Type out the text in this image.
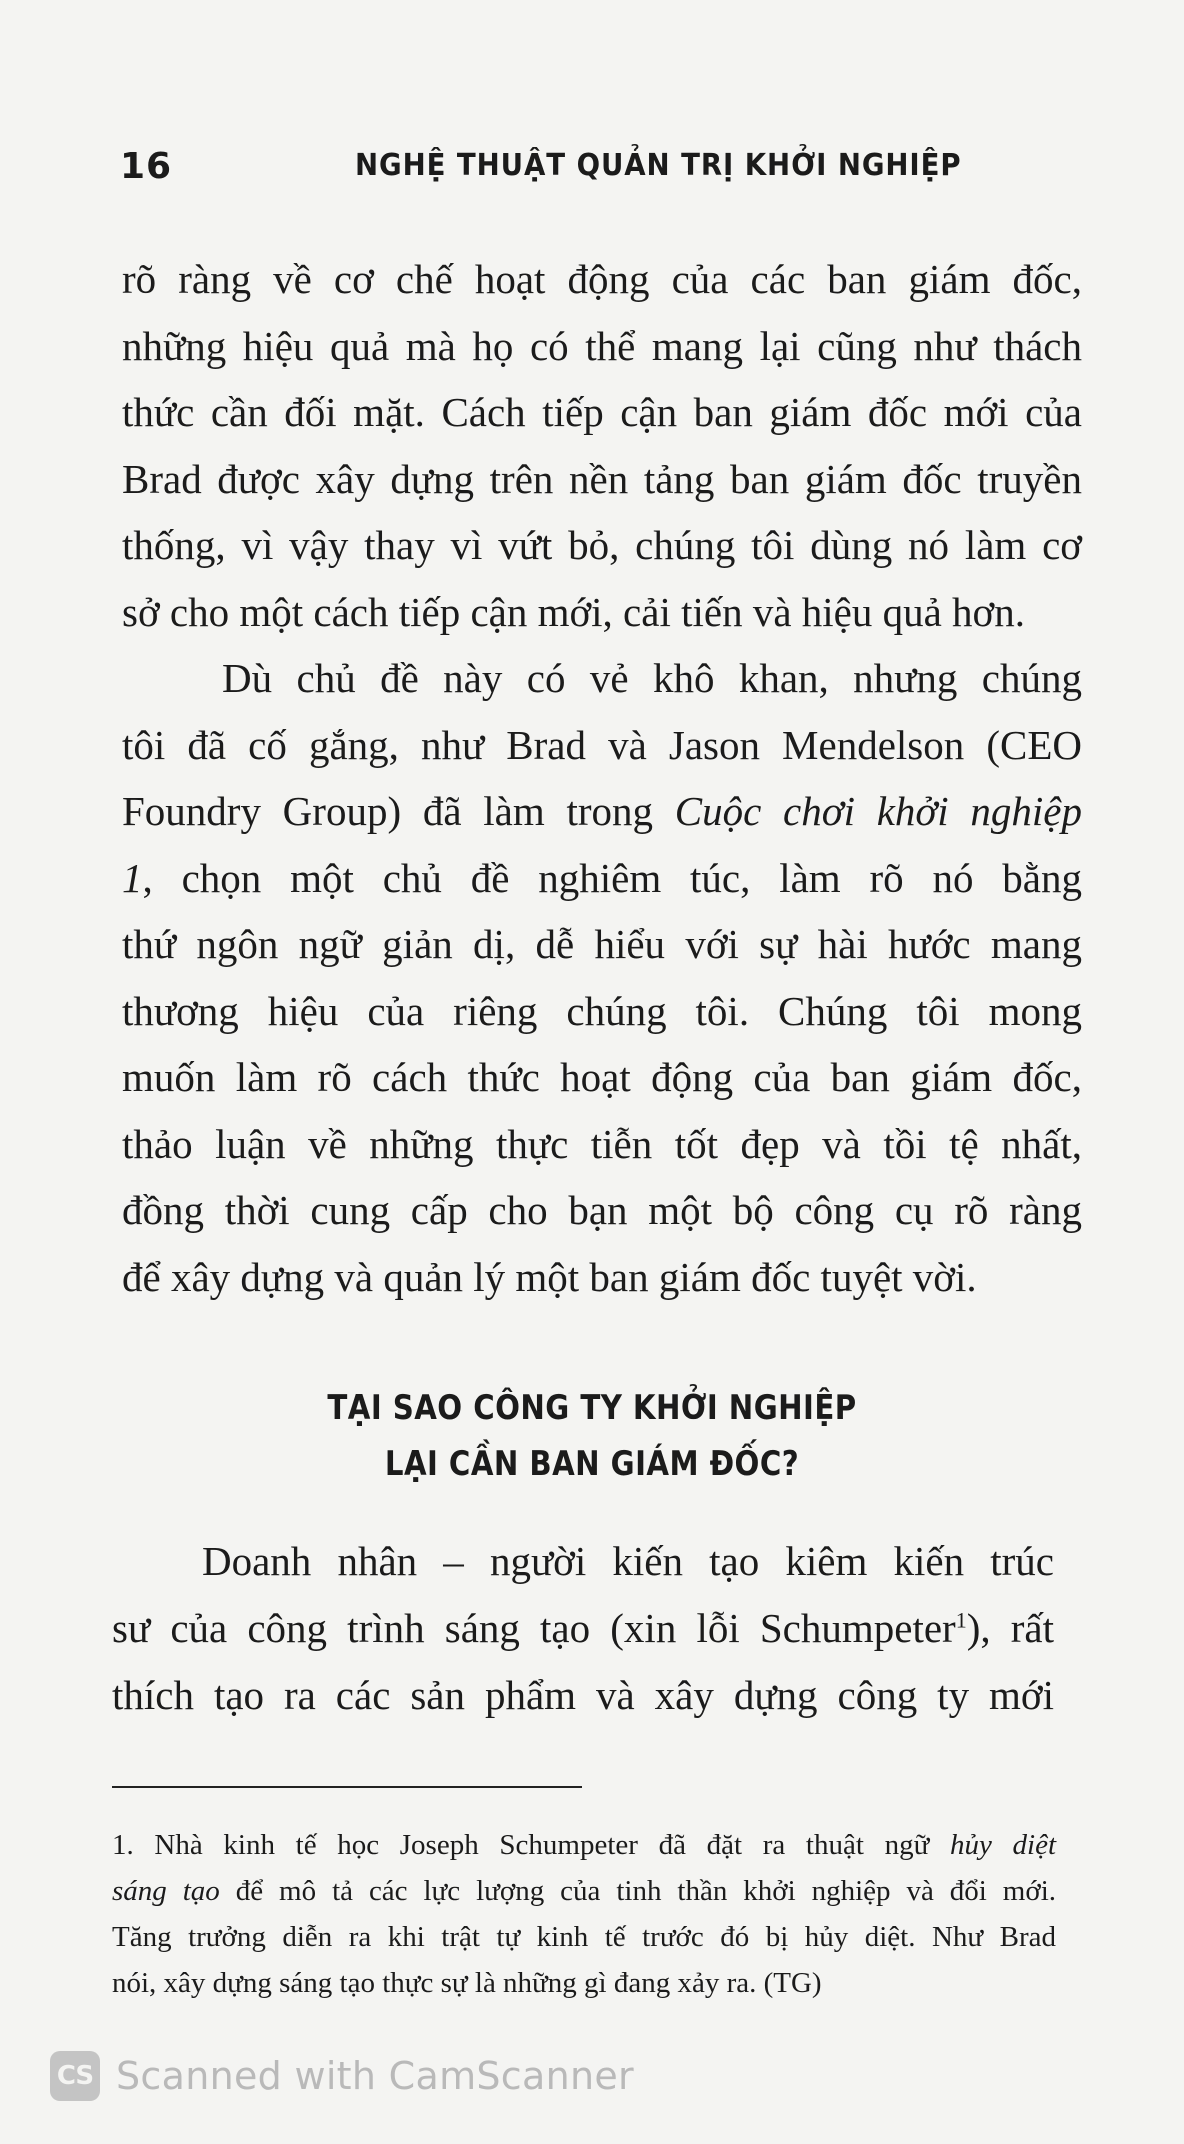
16	NGHỆ THUẬT QUẢN TRỊ KHỞI NGHIỆP

rõ ràng về cơ chế hoạt động của các ban giám đốc,
những hiệu quả mà họ có thể mang lại cũng như thách
thức cần đối mặt. Cách tiếp cận ban giám đốc mới của
Brad được xây dựng trên nền tảng ban giám đốc truyền
thống, vì vậy thay vì vứt bỏ, chúng tôi dùng nó làm cơ
sở cho một cách tiếp cận mới, cải tiến và hiệu quả hơn.

Dù chủ đề này có vẻ khô khan, nhưng chúng
tôi đã cố gắng, như Brad và Jason Mendelson (CEO
Foundry Group) đã làm trong Cuộc chơi khởi nghiệp
1, chọn một chủ đề nghiêm túc, làm rõ nó bằng
thứ ngôn ngữ giản dị, dễ hiểu với sự hài hước mang
thương hiệu của riêng chúng tôi. Chúng tôi mong
muốn làm rõ cách thức hoạt động của ban giám đốc,
thảo luận về những thực tiễn tốt đẹp và tồi tệ nhất,
đồng thời cung cấp cho bạn một bộ công cụ rõ ràng
để xây dựng và quản lý một ban giám đốc tuyệt vời.

TẠI SAO CÔNG TY KHỞI NGHIỆP
LẠI CẦN BAN GIÁM ĐỐC?
Doanh nhân – người kiến tạo kiêm kiến trúc
sư của công trình sáng tạo (xin lỗi Schumpeter$^1$), rất
thích tạo ra các sản phẩm và xây dựng công ty mới
1. Nhà kinh tế học Joseph Schumpeter đã đặt ra thuật ngữ hủy diệt
sáng tạo để mô tả các lực lượng của tinh thần khởi nghiệp và đổi mới.
Tăng trưởng diễn ra khi trật tự kinh tế trước đó bị hủy diệt. Như Brad
nói, xây dựng sáng tạo thực sự là những gì đang xảy ra. (TG)
CS Scanned with CamScanner
